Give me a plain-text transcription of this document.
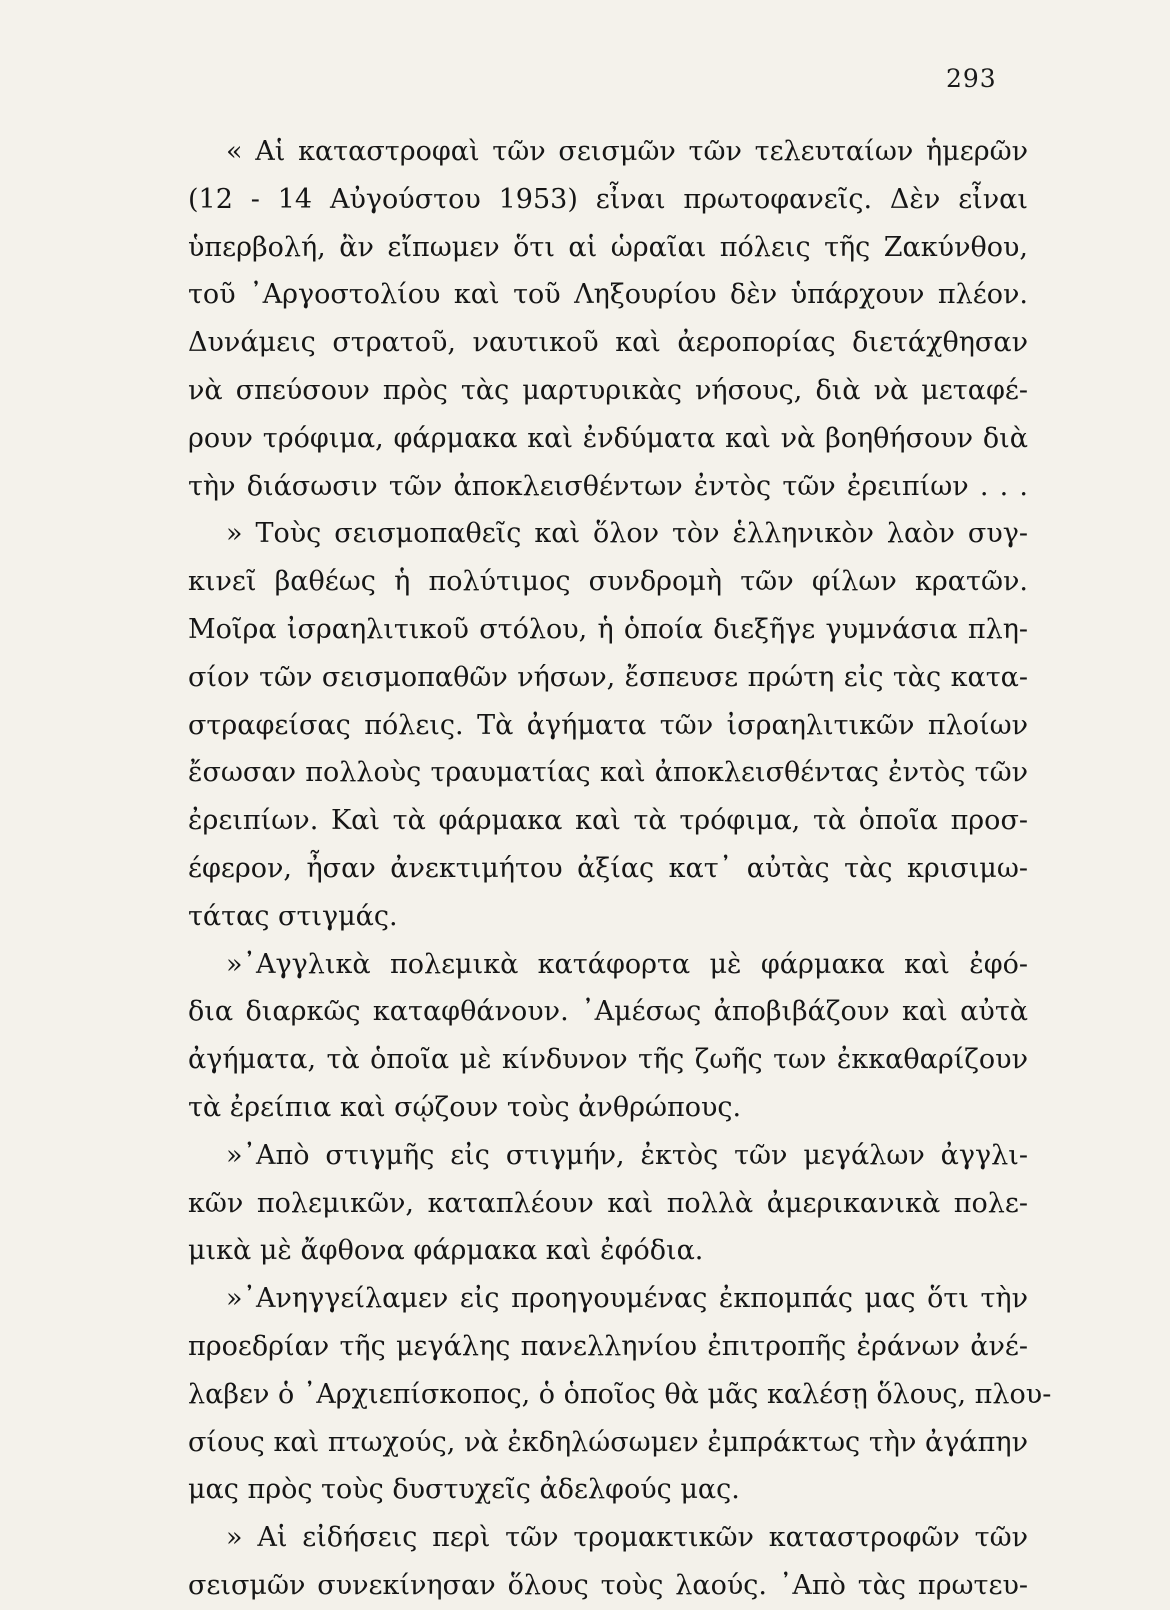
293
« Αἱ καταστροφαὶ τῶν σεισμῶν τῶν τελευταίων ἡμερῶν
(12 - 14 Αὐγούστου 1953) εἶναι πρωτοφανεῖς. Δὲν εἶναι
ὑπερβολή, ἂν εἴπωμεν ὅτι αἱ ὡραῖαι πόλεις τῆς Ζακύνθου,
τοῦ ᾿Αργοστολίου καὶ τοῦ Ληξουρίου δὲν ὑπάρχουν πλέον.
Δυνάμεις στρατοῦ, ναυτικοῦ καὶ ἀεροπορίας διετάχθησαν
νὰ σπεύσουν πρὸς τὰς μαρτυρικὰς νήσους, διὰ νὰ μεταφέ-
ρουν τρόφιμα, φάρμακα καὶ ἐνδύματα καὶ νὰ βοηθήσουν διὰ
τὴν διάσωσιν τῶν ἀποκλεισθέντων ἐντὸς τῶν ἐρειπίων . . .
» Τοὺς σεισμοπαθεῖς καὶ ὅλον τὸν ἑλληνικὸν λαὸν συγ-
κινεῖ βαθέως ἡ πολύτιμος συνδρομὴ τῶν φίλων κρατῶν.
Μοῖρα ἰσραηλιτικοῦ στόλου, ἡ ὁποία διεξῆγε γυμνάσια πλη-
σίον τῶν σεισμοπαθῶν νήσων, ἔσπευσε πρώτη εἰς τὰς κατα-
στραφείσας πόλεις. Τὰ ἀγήματα τῶν ἰσραηλιτικῶν πλοίων
ἔσωσαν πολλοὺς τραυματίας καὶ ἀποκλεισθέντας ἐντὸς τῶν
ἐρειπίων. Καὶ τὰ φάρμακα καὶ τὰ τρόφιμα, τὰ ὁποῖα προσ-
έφερον, ἦσαν ἀνεκτιμήτου ἀξίας κατ᾿ αὐτὰς τὰς κρισιμω-
τάτας στιγμάς.
»᾿Αγγλικὰ πολεμικὰ κατάφορτα μὲ φάρμακα καὶ ἐφό-
δια διαρκῶς καταφθάνουν. ᾿Αμέσως ἀποβιβάζουν καὶ αὐτὰ
ἀγήματα, τὰ ὁποῖα μὲ κίνδυνον τῆς ζωῆς των ἐκκαθαρίζουν
τὰ ἐρείπια καὶ σῴζουν τοὺς ἀνθρώπους.
»᾿Απὸ στιγμῆς εἰς στιγμήν, ἐκτὸς τῶν μεγάλων ἀγγλι-
κῶν πολεμικῶν, καταπλέουν καὶ πολλὰ ἀμερικανικὰ πολε-
μικὰ μὲ ἄφθονα φάρμακα καὶ ἐφόδια.
»᾿Ανηγγείλαμεν εἰς προηγουμένας ἐκπομπάς μας ὅτι τὴν
προεδρίαν τῆς μεγάλης πανελληνίου ἐπιτροπῆς ἐράνων ἀνέ-
λαβεν ὁ ᾿Αρχιεπίσκοπος, ὁ ὁποῖος θὰ μᾶς καλέσῃ ὅλους, πλου-
σίους καὶ πτωχούς, νὰ ἐκδηλώσωμεν ἐμπράκτως τὴν ἀγάπην
μας πρὸς τοὺς δυστυχεῖς ἀδελφούς μας.
» Αἱ εἰδήσεις περὶ τῶν τρομακτικῶν καταστροφῶν τῶν
σεισμῶν συνεκίνησαν ὅλους τοὺς λαούς. ᾿Απὸ τὰς πρωτευ-
